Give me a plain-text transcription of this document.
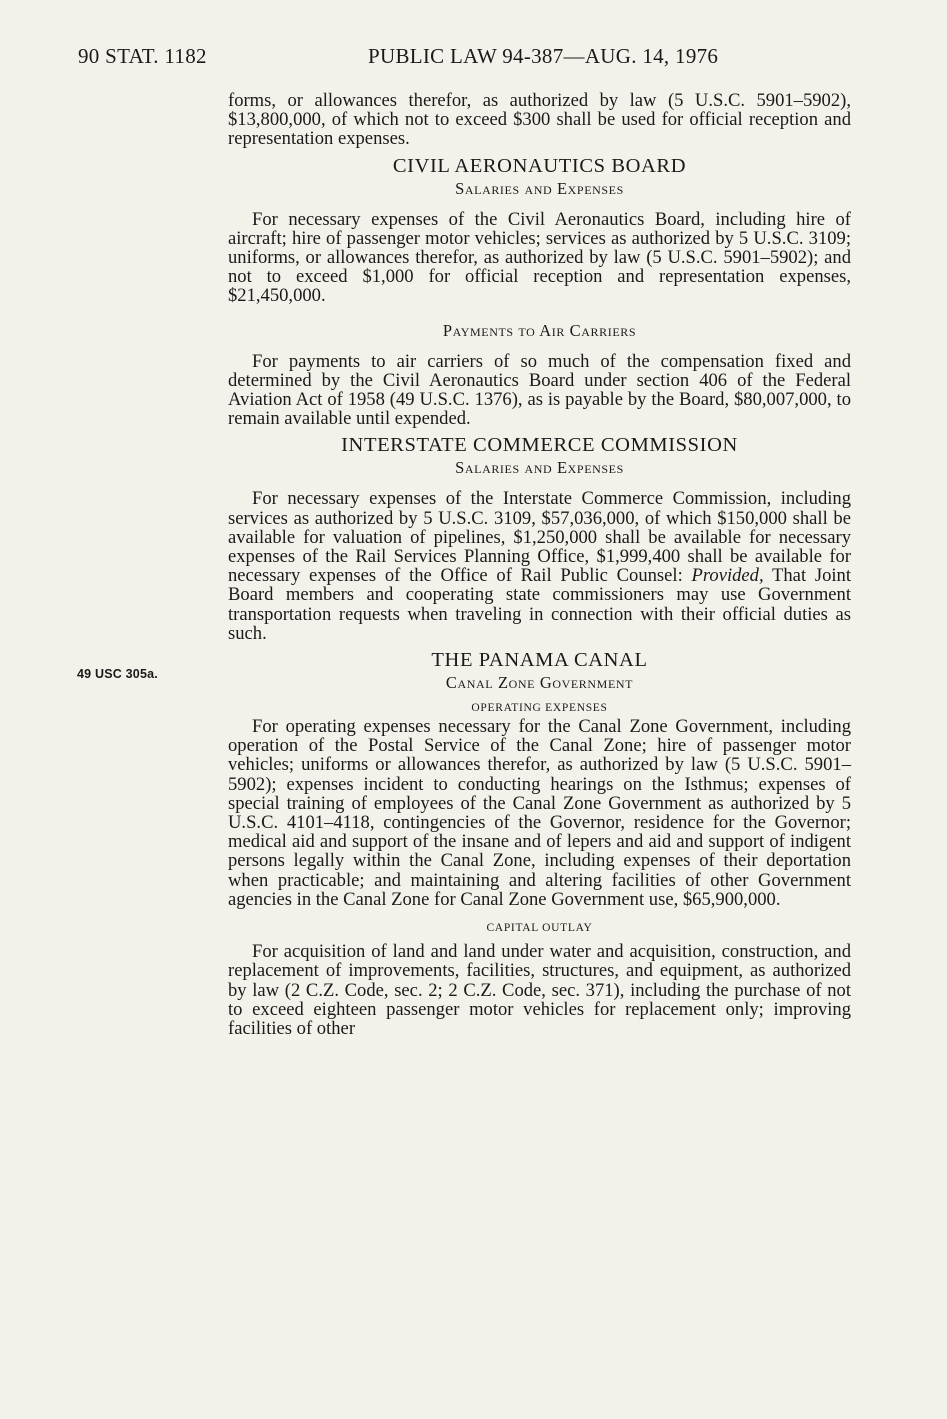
90 STAT. 1182	PUBLIC LAW 94-387—AUG. 14, 1976
49 USC 305a.

forms, or allowances therefor, as authorized by law (5 U.S.C. 5901–5902), $13,800,000, of which not to exceed $300 shall be used for official reception and representation expenses.

CIVIL AERONAUTICS BOARD
Salaries and Expenses

For necessary expenses of the Civil Aeronautics Board, including hire of aircraft; hire of passenger motor vehicles; services as authorized by 5 U.S.C. 3109; uniforms, or allowances therefor, as authorized by law (5 U.S.C. 5901–5902); and not to exceed $1,000 for official reception and representation expenses, $21,450,000.

Payments to Air Carriers

For payments to air carriers of so much of the compensation fixed and determined by the Civil Aeronautics Board under section 406 of the Federal Aviation Act of 1958 (49 U.S.C. 1376), as is payable by the Board, $80,007,000, to remain available until expended.

INTERSTATE COMMERCE COMMISSION
Salaries and Expenses

For necessary expenses of the Interstate Commerce Commission, including services as authorized by 5 U.S.C. 3109, $57,036,000, of which $150,000 shall be available for valuation of pipelines, $1,250,000 shall be available for necessary expenses of the Rail Services Planning Office, $1,999,400 shall be available for necessary expenses of the Office of Rail Public Counsel: Provided, That Joint Board members and cooperating state commissioners may use Government transportation requests when traveling in connection with their official duties as such.

THE PANAMA CANAL
Canal Zone Government
OPERATING EXPENSES

For operating expenses necessary for the Canal Zone Government, including operation of the Postal Service of the Canal Zone; hire of passenger motor vehicles; uniforms or allowances therefor, as authorized by law (5 U.S.C. 5901–5902); expenses incident to conducting hearings on the Isthmus; expenses of special training of employees of the Canal Zone Government as authorized by 5 U.S.C. 4101–4118, contingencies of the Governor, residence for the Governor; medical aid and support of the insane and of lepers and aid and support of indigent persons legally within the Canal Zone, including expenses of their deportation when practicable; and maintaining and altering facilities of other Government agencies in the Canal Zone for Canal Zone Government use, $65,900,000.

CAPITAL OUTLAY

For acquisition of land and land under water and acquisition, construction, and replacement of improvements, facilities, structures, and equipment, as authorized by law (2 C.Z. Code, sec. 2; 2 C.Z. Code, sec. 371), including the purchase of not to exceed eighteen passenger motor vehicles for replacement only; improving facilities of other
